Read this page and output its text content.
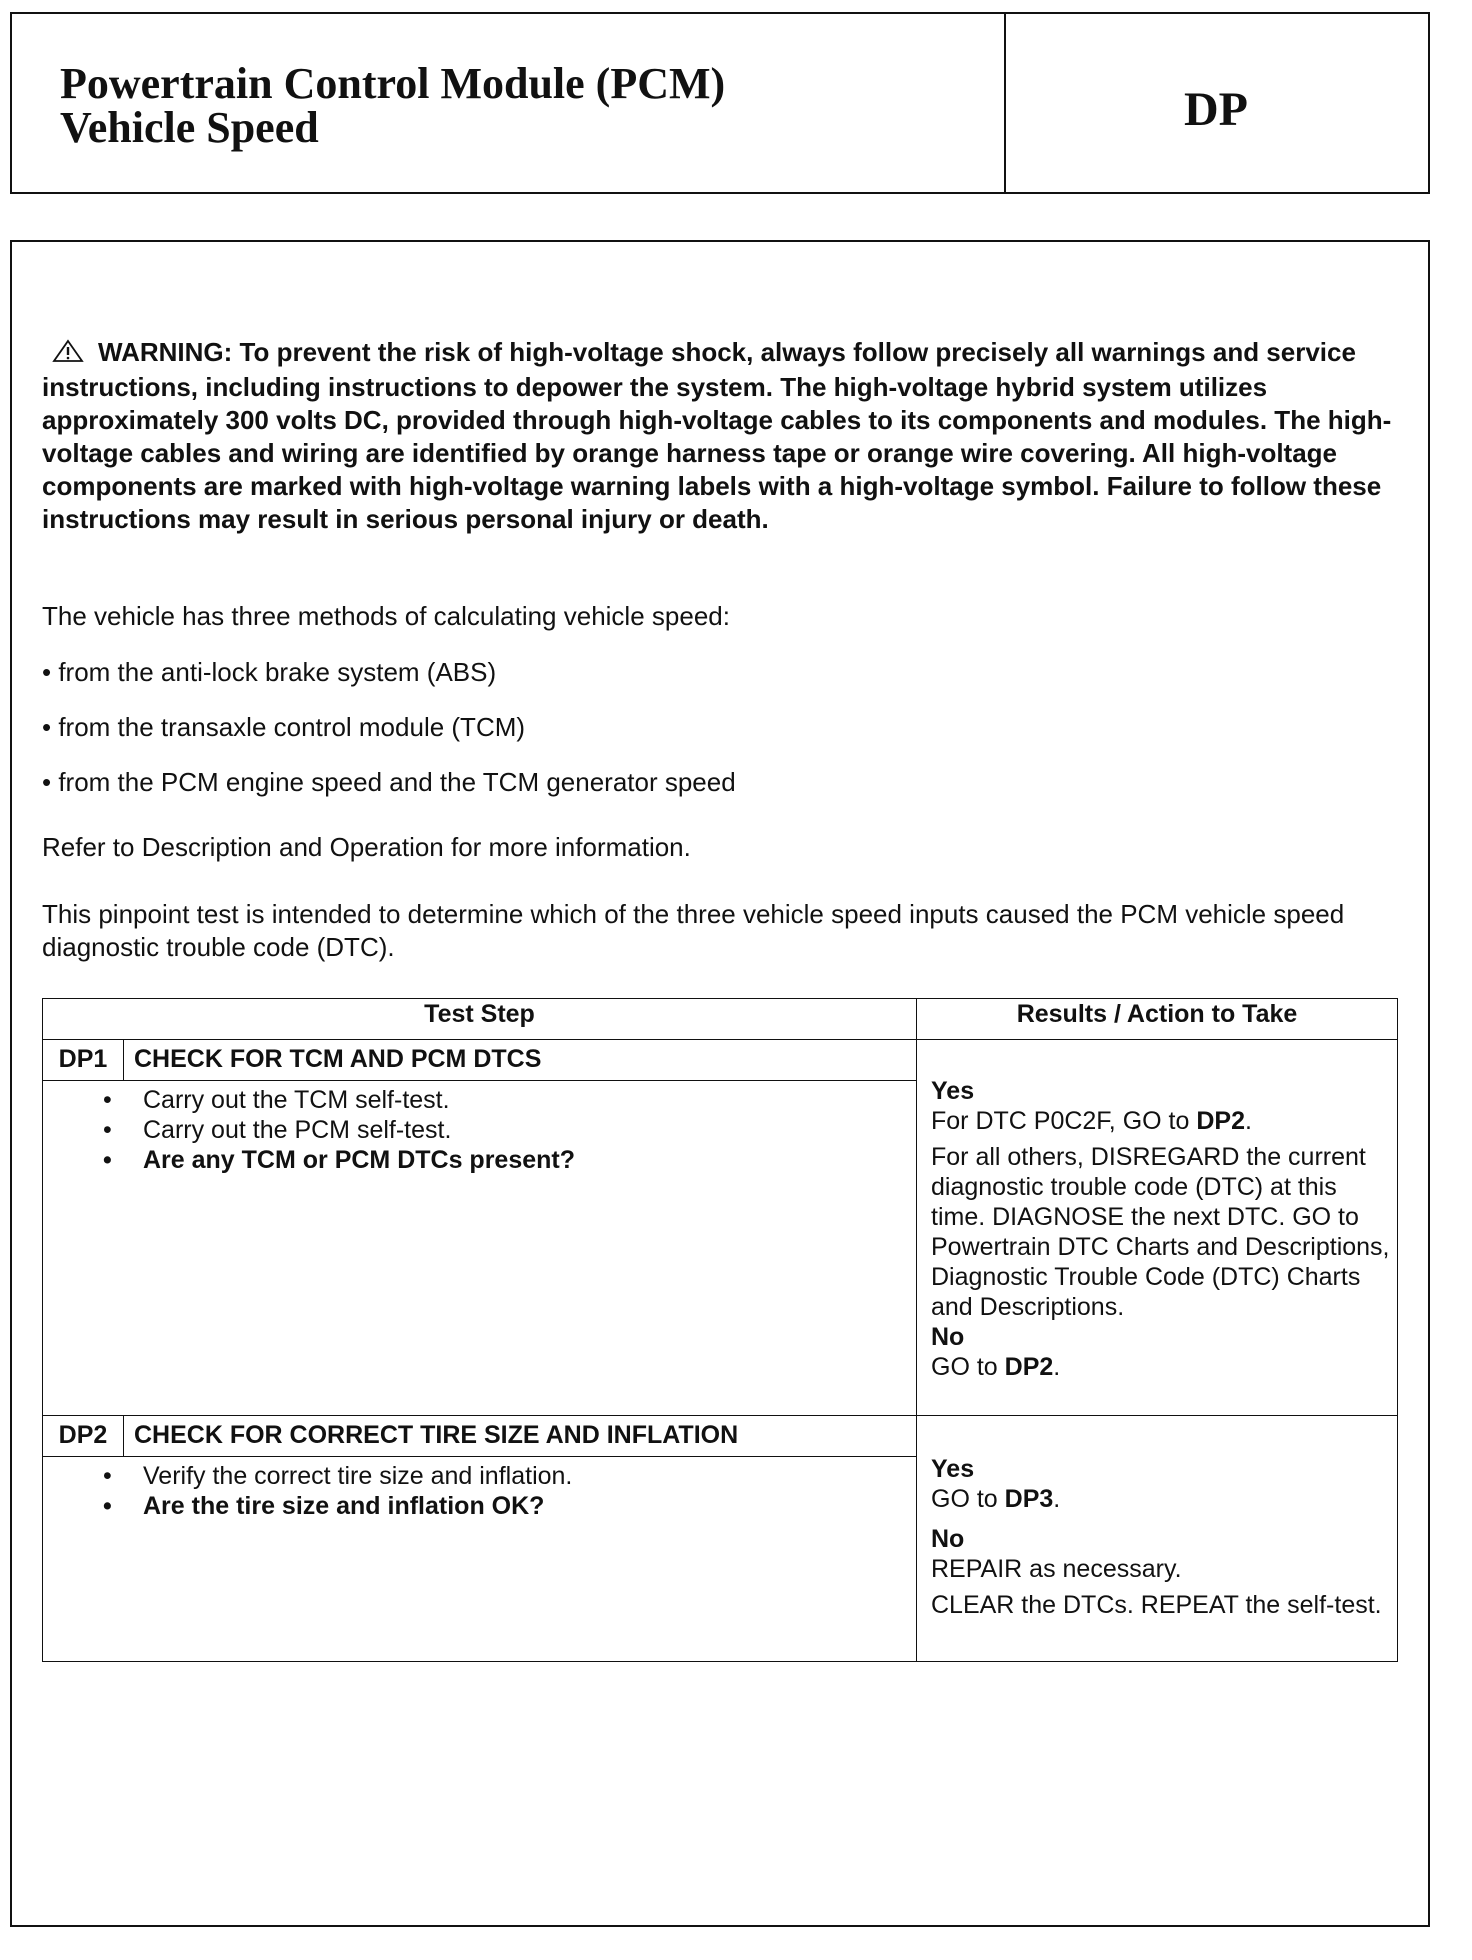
Powertrain Control Module (PCM)
Vehicle Speed	DP
WARNING: To prevent the risk of high-voltage shock, always follow precisely all warnings and service instructions, including instructions to depower the system. The high-voltage hybrid system utilizes approximately 300 volts DC, provided through high-voltage cables to its components and modules. The high-voltage cables and wiring are identified by orange harness tape or orange wire covering. All high-voltage components are marked with high-voltage warning labels with a high-voltage symbol. Failure to follow these instructions may result in serious personal injury or death.
The vehicle has three methods of calculating vehicle speed:
• from the anti-lock brake system (ABS)
• from the transaxle control module (TCM)
• from the PCM engine speed and the TCM generator speed
Refer to Description and Operation for more information.
This pinpoint test is intended to determine which of the three vehicle speed inputs caused the PCM vehicle speed diagnostic trouble code (DTC).
Test Step		Results / Action to Take
DP1	CHECK FOR TCM AND PCM DTCS	Yes
For DTC P0C2F, GO to DP2.
For all others, DISREGARD the current diagnostic trouble code (DTC) at this time. DIAGNOSE the next DTC. GO to Powertrain DTC Charts and Descriptions, Diagnostic Trouble Code (DTC) Charts and Descriptions.
No
GO to DP2.

• Carry out the TCM self-test.
• Carry out the PCM self-test.
• Are any TCM or PCM DTCs present?

DP2	CHECK FOR CORRECT TIRE SIZE AND INFLATION	Yes
GO to DP3.
No
REPAIR as necessary.
CLEAR the DTCs. REPEAT the self-test.

• Verify the correct tire size and inflation.
• Are the tire size and inflation OK?
